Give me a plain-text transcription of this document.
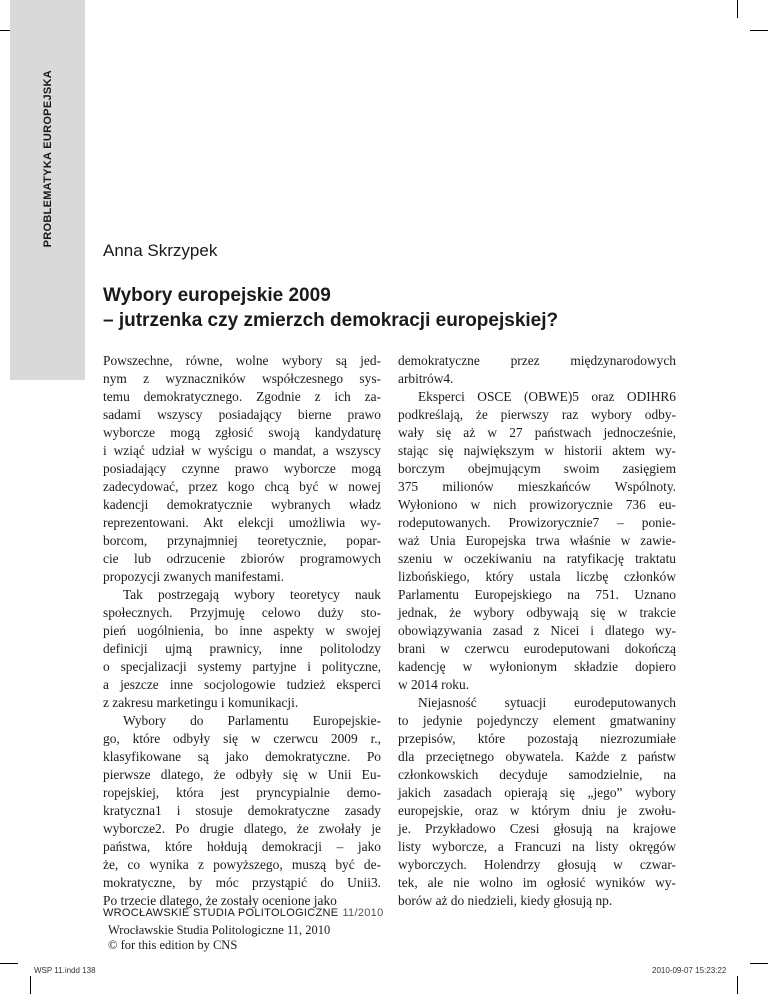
PROBLEMATYKA EUROPEJSKA
Anna Skrzypek
Wybory europejskie 2009
– jutrzenka czy zmierzch demokracji europejskiej?
Powszechne, równe, wolne wybory są jed-
nym z wyznaczników współczesnego sys-
temu demokratycznego. Zgodnie z ich za-
sadami wszyscy posiadający bierne prawo
wyborcze mogą zgłosić swoją kandydaturę
i wziąć udział w wyścigu o mandat, a wszyscy
posiadający czynne prawo wyborcze mogą
zadecydować, przez kogo chcą być w nowej
kadencji demokratycznie wybranych władz
reprezentowani. Akt elekcji umożliwia wy-
borcom, przynajmniej teoretycznie, popar-
cie lub odrzucenie zbiorów programowych
propozycji zwanych manifestami.
Tak postrzegają wybory teoretycy nauk
społecznych. Przyjmuję celowo duży sto-
pień uogólnienia, bo inne aspekty w swojej
definicji ujmą prawnicy, inne politolodzy
o specjalizacji systemy partyjne i polityczne,
a jeszcze inne socjologowie tudzież eksperci
z zakresu marketingu i komunikacji.
Wybory do Parlamentu Europejskie-
go, które odbyły się w czerwcu 2009 r.,
klasyfikowane są jako demokratyczne. Po
pierwsze dlatego, że odbyły się w Unii Eu-
ropejskiej, która jest pryncypialnie demo-
kratyczna1 i stosuje demokratyczne zasady
wyborcze2. Po drugie dlatego, że zwołały je
państwa, które hołdują demokracji – jako
że, co wynika z powyższego, muszą być de-
mokratyczne, by móc przystąpić do Unii3.
Po trzecie dlatego, że zostały ocenione jako
demokratyczne przez międzynarodowych
arbitrów4.
Eksperci OSCE (OBWE)5 oraz ODIHR6
podkreślają, że pierwszy raz wybory odby-
wały się aż w 27 państwach jednocześnie,
stając się największym w historii aktem wy-
borczym obejmującym swoim zasięgiem
375 milionów mieszkańców Wspólnoty.
Wyłoniono w nich prowizorycznie 736 eu-
rodeputowanych. Prowizorycznie7 – ponie-
waż Unia Europejska trwa właśnie w zawie-
szeniu w oczekiwaniu na ratyfikację traktatu
lizbońskiego, który ustala liczbę członków
Parlamentu Europejskiego na 751. Uznano
jednak, że wybory odbywają się w trakcie
obowiązywania zasad z Nicei i dlatego wy-
brani w czerwcu eurodeputowani dokończą
kadencję w wyłonionym składzie dopiero
w 2014 roku.
Niejasność sytuacji eurodeputowanych
to jedynie pojedynczy element gmatwaniny
przepisów, które pozostają niezrozumiałe
dla przeciętnego obywatela. Każde z państw
członkowskich decyduje samodzielnie, na
jakich zasadach opierają się „jego” wybory
europejskie, oraz w którym dniu je zwołu-
je. Przykładowo Czesi głosują na krajowe
listy wyborcze, a Francuzi na listy okręgów
wyborczych. Holendrzy głosują w czwar-
tek, ale nie wolno im ogłosić wyników wy-
borów aż do niedzieli, kiedy głosują np.
WROCŁAWSKIE STUDIA POLITOLOGICZNE 11/2010
Wrocławskie Studia Politologiczne 11, 2010
© for this edition by CNS
WSP 11.indd 138	2010-09-07 15:23:22
